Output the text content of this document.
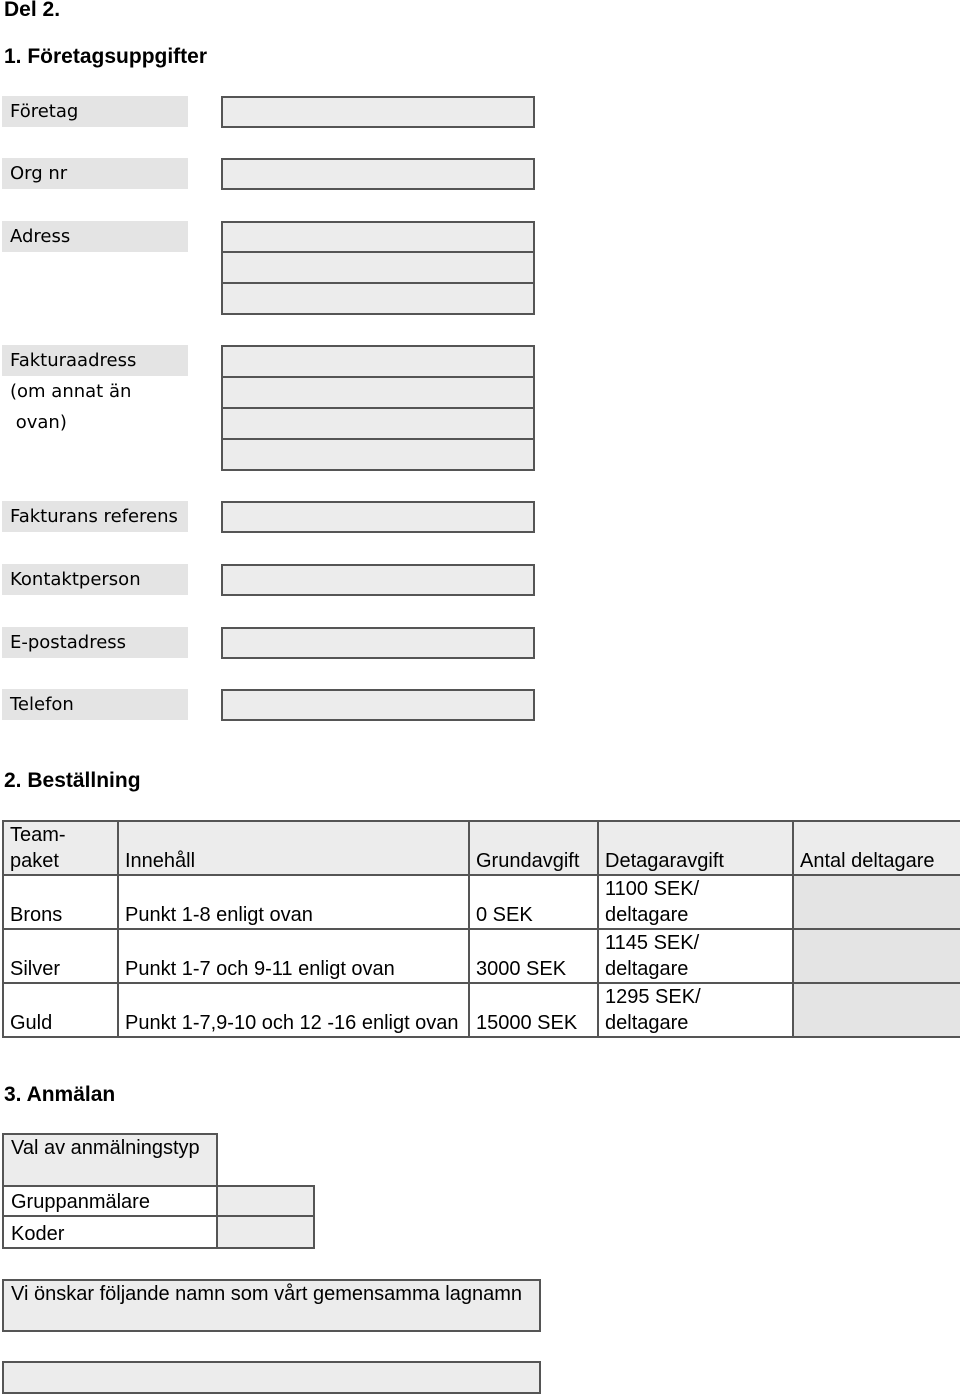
Del 2.
1. Företagsuppgifter
Företag
Org nr
Adress
Fakturaadress
(om annat än
ovan)
Fakturans referens
Kontaktperson
E-postadress
Telefon
2. Beställning
Team-paket	Innehåll	Grundavgift	Detagaravgift	Antal deltagare
Brons	Punkt 1-8 enligt ovan	0 SEK	1100 SEK/ deltagare	
Silver	Punkt 1-7 och 9-11 enligt ovan	3000 SEK	1145 SEK/ deltagare	
Guld	Punkt 1-7,9-10 och 12 -16 enligt ovan	15000 SEK	1295 SEK/ deltagare	
3. Anmälan
Val av anmälningstyp
Gruppanmälare
Koder
Vi önskar följande namn som vårt gemensamma lagnamn
